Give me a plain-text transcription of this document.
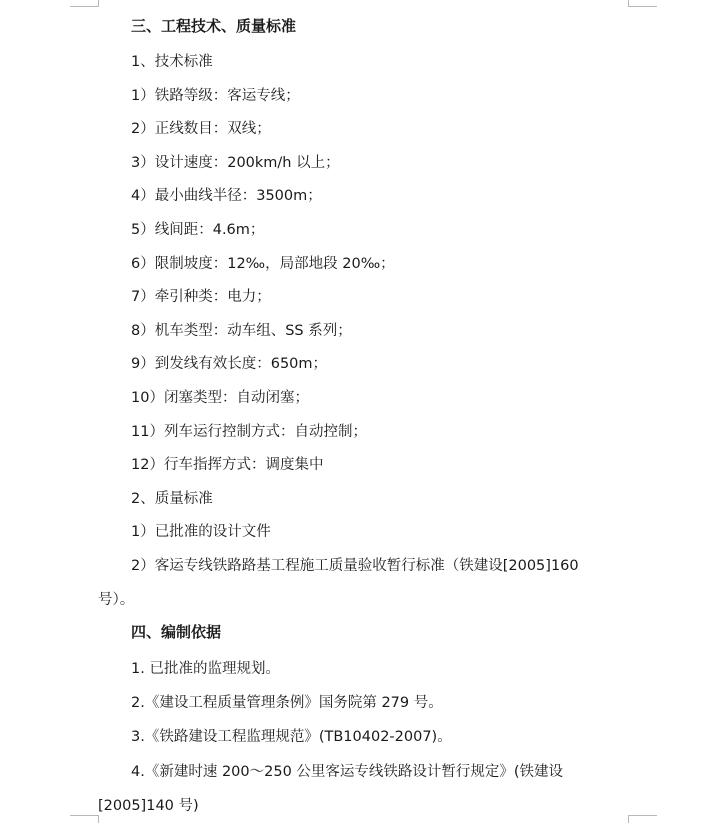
三、工程技术、质量标准
1、技术标准
1）铁路等级：客运专线；
2）正线数目：双线；
3）设计速度：200km/h 以上；
4）最小曲线半径：3500m；
5）线间距：4.6m；
6）限制坡度：12‰，局部地段 20‰；
7）牵引种类：电力；
8）机车类型：动车组、SS 系列；
9）到发线有效长度：650m；
10）闭塞类型：自动闭塞；
11）列车运行控制方式：自动控制；
12）行车指挥方式：调度集中
2、质量标准
1）已批准的设计文件
2）客运专线铁路路基工程施工质量验收暂行标准（铁建设[2005]160
号）。
四、编制依据
1. 已批准的监理规划。
2.《建设工程质量管理条例》国务院第 279 号。
3.《铁路建设工程监理规范》(TB10402-2007)。
4.《新建时速 200～250 公里客运专线铁路设计暂行规定》(铁建设
[2005]140 号)
